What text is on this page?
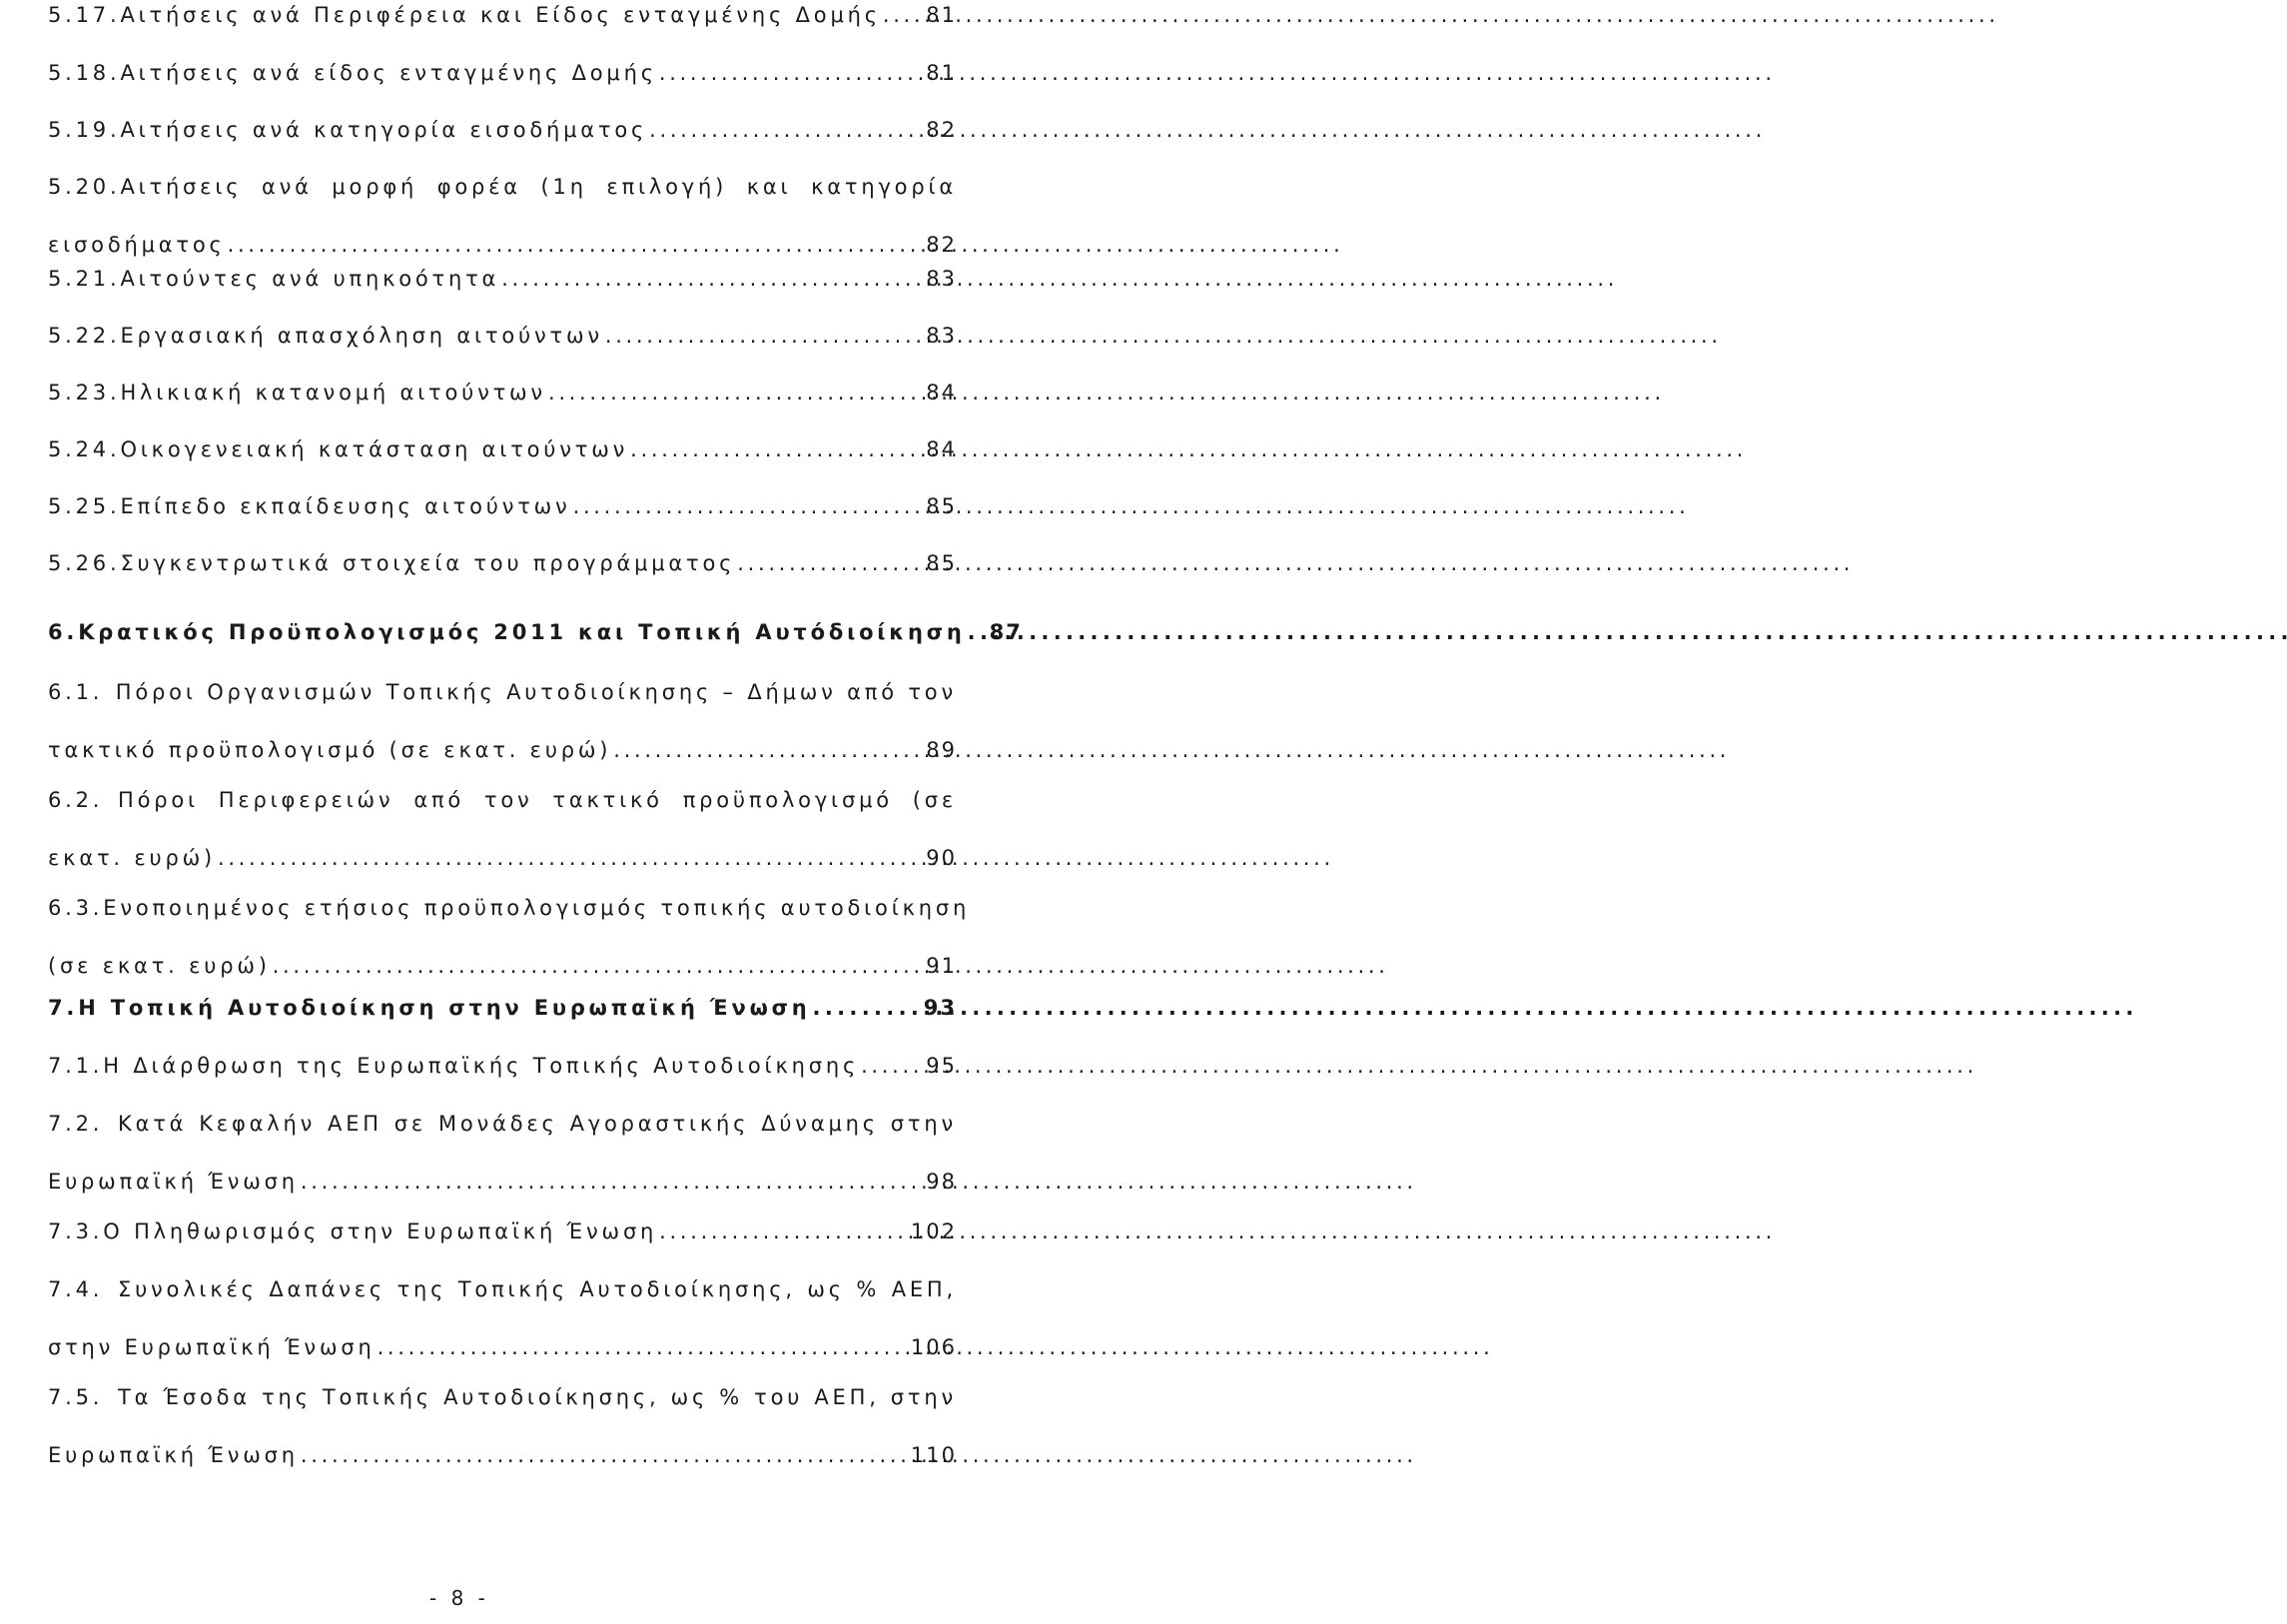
5.17. Αιτήσεις ανά Περιφέρεια και Είδος ενταγμένης Δομής . . . 81
5.18. Αιτήσεις ανά είδος ενταγμένης Δομής . . .	81
5.19. Αιτήσεις ανά κατηγορία εισοδήματος . . .	82
5.20. Αιτήσεις ανά μορφή φορέα (1η επιλογή) και κατηγορία
εισοδήματος . . .	82
5.21. Αιτούντες ανά υπηκοότητα . . .	83
5.22. Εργασιακή απασχόληση αιτούντων . . .	83
5.23. Ηλικιακή κατανομή αιτούντων . . .	84
5.24. Οικογενειακή κατάσταση αιτούντων . . .	84
5.25. Επίπεδο εκπαίδευσης αιτούντων . . .	85
5.26. Συγκεντρωτικά στοιχεία του προγράμματος . . .	85
6. Κρατικός Προϋπολογισμός 2011 και Τοπική Αυτόδιοίκηση . . . 87
6.1. Πόροι Οργανισμών Τοπικής Αυτοδιοίκησης – Δήμων από τον
τακτικό προϋπολογισμό (σε εκατ. ευρώ) . . .	89
6.2. Πόροι Περιφερειών από τον τακτικό προϋπολογισμό (σε
εκατ. ευρώ) . . .	90
6.3. Ενοποιημένος ετήσιος προϋπολογισμός τοπικής αυτοδιοίκηση
(σε εκατ. ευρώ) . . .	91
7. Η Τοπική Αυτοδιοίκηση στην Ευρωπαϊκή Ένωση . . .	93
7.1. Η Διάρθρωση της Ευρωπαϊκής Τοπικής Αυτοδιοίκησης . . .	95
7.2. Κατά Κεφαλήν ΑΕΠ σε Μονάδες Αγοραστικής Δύναμης στην
Ευρωπαϊκή Ένωση . . .	98
7.3. Ο Πληθωρισμός στην Ευρωπαϊκή Ένωση . . .	102
7.4. Συνολικές Δαπάνες της Τοπικής Αυτοδιοίκησης, ως % ΑΕΠ,
στην Ευρωπαϊκή Ένωση . . .	106
7.5. Τα Έσοδα της Τοπικής Αυτοδιοίκησης, ως % του ΑΕΠ, στην
Ευρωπαϊκή Ένωση . . .	110
- 8 -
